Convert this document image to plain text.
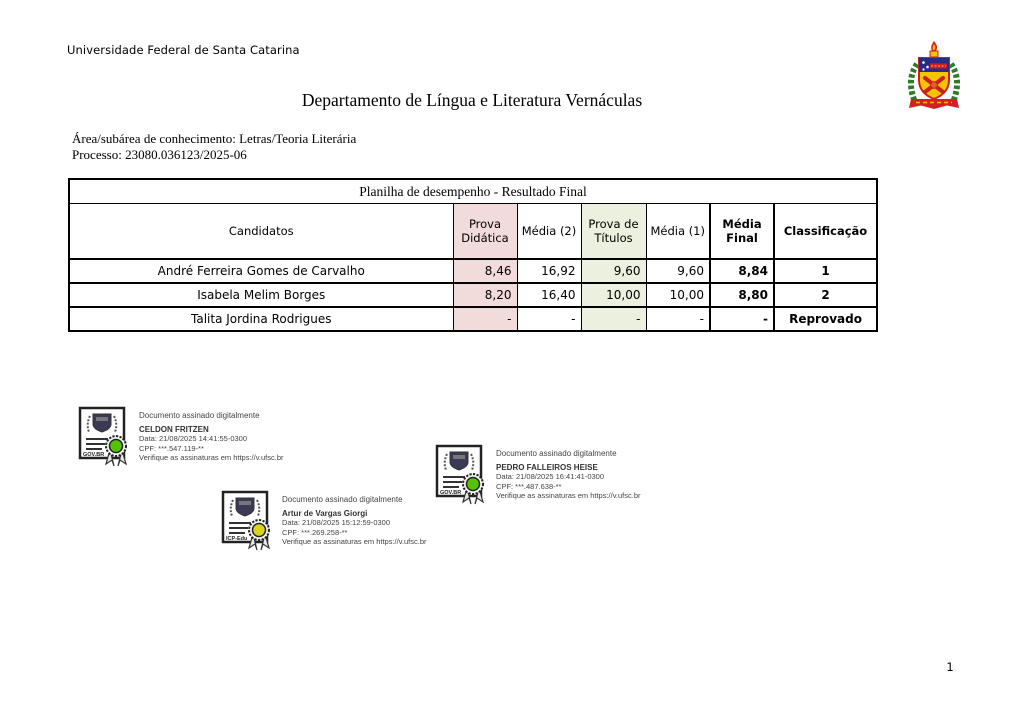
Universidade Federal de Santa Catarina
Departamento de Língua e Literatura Vernáculas
Área/subárea de conhecimento: Letras/Teoria Literária
Processo: 23080.036123/2025-06
Planilha de desempenho - Resultado Final						
Candidatos	Prova Didática	Média (2)	Prova de Títulos	Média (1)	Média Final	Classificação
André Ferreira Gomes de Carvalho	8,46	16,92	9,60	9,60	8,84	1
Isabela Melim Borges	8,20	16,40	10,00	10,00	8,80	2
Talita Jordina Rodrigues	-	-	-	-	-	Reprovado
GOV.BR
Documento assinado digitalmente
CELDON FRITZEN
Data: 21/08/2025 14:41:55-0300
CPF: ***.547.119-**
Verifique as assinaturas em https://v.ufsc.br
ICP-Edu
Documento assinado digitalmente
Artur de Vargas Giorgi
Data: 21/08/2025 15:12:59-0300
CPF: ***.269.258-**
Verifique as assinaturas em https://v.ufsc.br
GOV.BR
Documento assinado digitalmente
PEDRO FALLEIROS HEISE
Data: 21/08/2025 16:41:41-0300
CPF: ***.487.638-**
Verifique as assinaturas em https://v.ufsc.br
1
